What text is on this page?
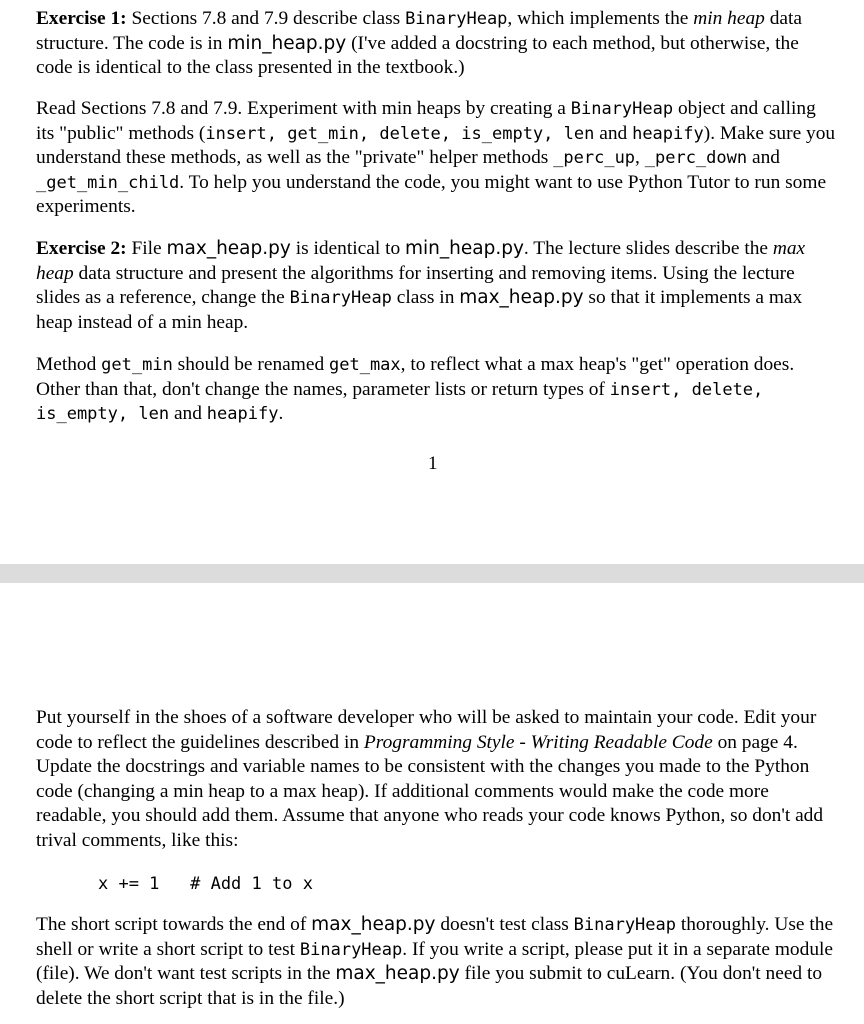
Exercise 1: Sections 7.8 and 7.9 describe class BinaryHeap, which implements the min heap data structure. The code is in min_heap.py (I've added a docstring to each method, but otherwise, the code is identical to the class presented in the textbook.)

Read Sections 7.8 and 7.9. Experiment with min heaps by creating a BinaryHeap object and calling its "public" methods (insert, get_min, delete, is_empty, len and heapify). Make sure you understand these methods, as well as the "private" helper methods _perc_up, _perc_down and _get_min_child. To help you understand the code, you might want to use Python Tutor to run some experiments.

Exercise 2: File max_heap.py is identical to min_heap.py. The lecture slides describe the max heap data structure and present the algorithms for inserting and removing items. Using the lecture slides as a reference, change the BinaryHeap class in max_heap.py so that it implements a max heap instead of a min heap.

Method get_min should be renamed get_max, to reflect what a max heap's "get" operation does. Other than that, don't change the names, parameter lists or return types of insert, delete, is_empty, len and heapify.

1

Put yourself in the shoes of a software developer who will be asked to maintain your code. Edit your code to reflect the guidelines described in Programming Style - Writing Readable Code on page 4. Update the docstrings and variable names to be consistent with the changes you made to the Python code (changing a min heap to a max heap). If additional comments would make the code more readable, you should add them. Assume that anyone who reads your code knows Python, so don't add trival comments, like this:

x += 1   # Add 1 to x

The short script towards the end of max_heap.py doesn't test class BinaryHeap thoroughly. Use the shell or write a short script to test BinaryHeap. If you write a script, please put it in a separate module (file). We don't want test scripts in the max_heap.py file you submit to cuLearn. (You don't need to delete the short script that is in the file.)
